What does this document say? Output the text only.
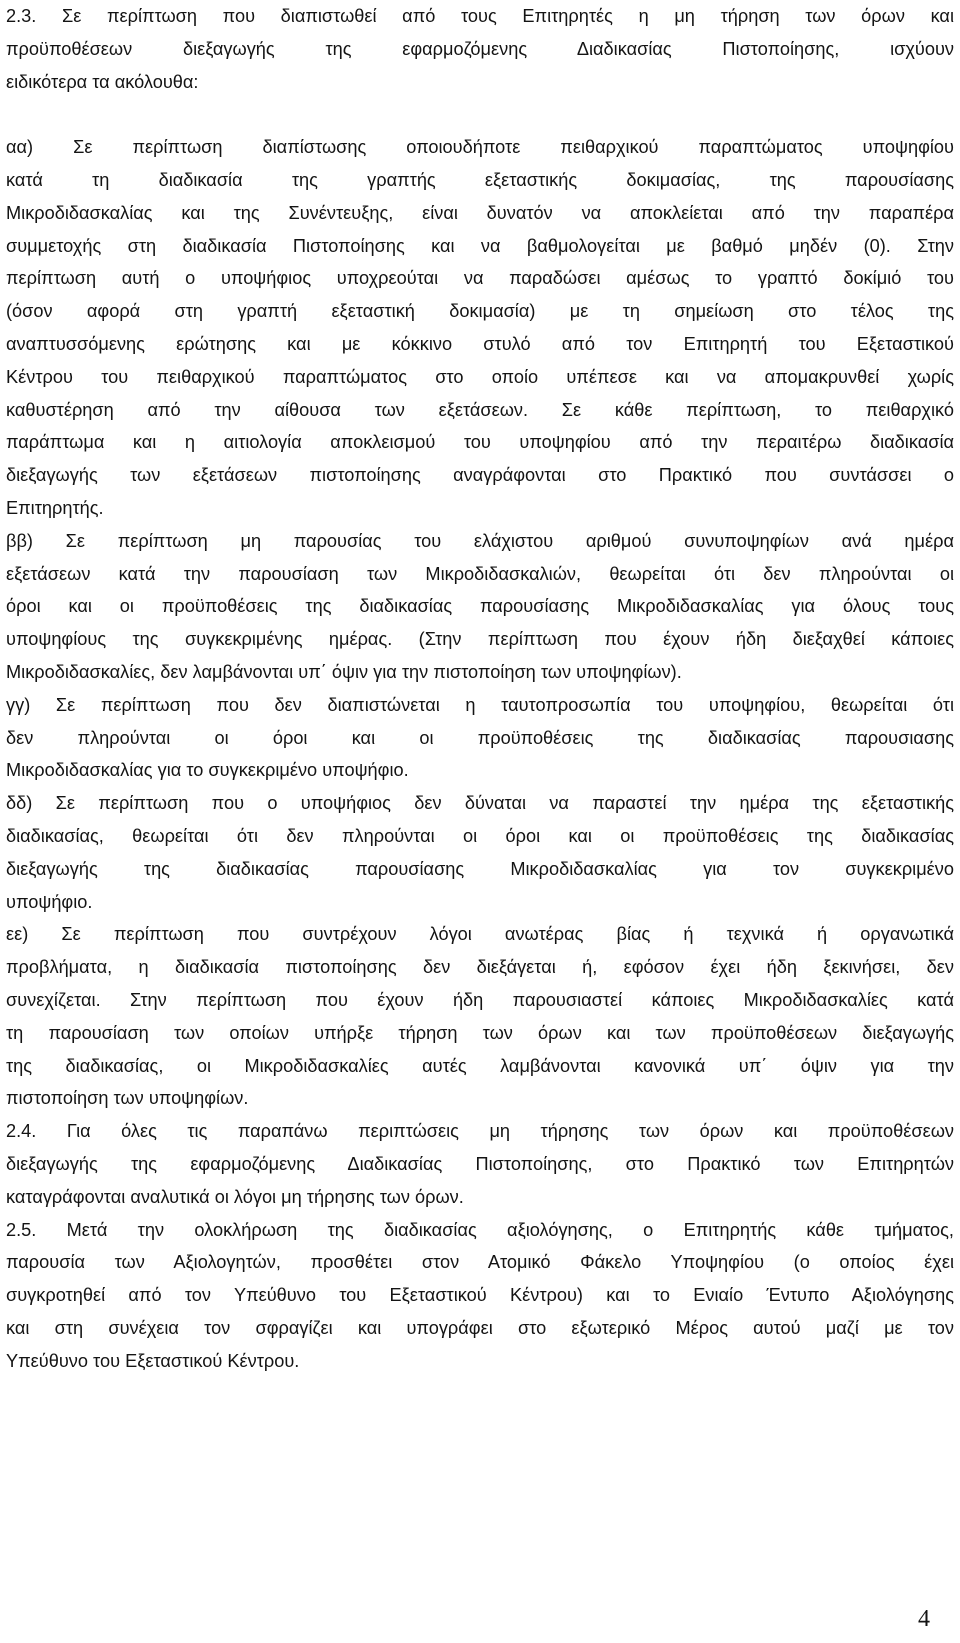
2.3. Σε περίπτωση που διαπιστωθεί από τους Επιτηρητές η μη τήρηση των όρων και
προϋποθέσεων διεξαγωγής της εφαρμοζόμενης Διαδικασίας Πιστοποίησης, ισχύουν
ειδικότερα τα ακόλουθα:
αα) Σε περίπτωση διαπίστωσης οποιουδήποτε πειθαρχικού παραπτώματος υποψηφίου
κατά τη διαδικασία της γραπτής εξεταστικής δοκιμασίας, της παρουσίασης
Μικροδιδασκαλίας και της Συνέντευξης, είναι δυνατόν να αποκλείεται από την παραπέρα
συμμετοχής στη διαδικασία Πιστοποίησης και να βαθμολογείται με βαθμό μηδέν (0). Στην
περίπτωση αυτή ο υποψήφιος υποχρεούται να παραδώσει αμέσως το γραπτό δοκίμιό του
(όσον αφορά στη γραπτή εξεταστική δοκιμασία) με τη σημείωση στο τέλος της
αναπτυσσόμενης ερώτησης και με κόκκινο στυλό από τον Επιτηρητή του Εξεταστικού
Κέντρου του πειθαρχικού παραπτώματος στο οποίο υπέπεσε και να απομακρυνθεί χωρίς
καθυστέρηση από την αίθουσα των εξετάσεων. Σε κάθε περίπτωση, το πειθαρχικό
παράπτωμα και η αιτιολογία αποκλεισμού του υποψηφίου από την περαιτέρω διαδικασία
διεξαγωγής των εξετάσεων πιστοποίησης αναγράφονται στο Πρακτικό που συντάσσει ο
Επιτηρητής.
ββ) Σε περίπτωση μη παρουσίας του ελάχιστου αριθμού συνυποψηφίων ανά ημέρα
εξετάσεων κατά την παρουσίαση των Μικροδιδασκαλιών, θεωρείται ότι δεν πληρούνται οι
όροι και οι προϋποθέσεις της διαδικασίας παρουσίασης Μικροδιδασκαλίας για όλους τους
υποψηφίους της συγκεκριμένης ημέρας. (Στην περίπτωση που έχουν ήδη διεξαχθεί κάποιες
Μικροδιδασκαλίες, δεν λαμβάνονται υπ΄ όψιν για την πιστοποίηση των υποψηφίων).
γγ) Σε περίπτωση που δεν διαπιστώνεται η ταυτοπροσωπία του υποψηφίου, θεωρείται ότι
δεν πληρούνται οι όροι και οι προϋποθέσεις της διαδικασίας παρουσιασης
Μικροδιδασκαλίας για το συγκεκριμένο υποψήφιο.
δδ) Σε περίπτωση που ο υποψήφιος δεν δύναται να παραστεί την ημέρα της εξεταστικής
διαδικασίας, θεωρείται ότι δεν πληρούνται οι όροι και οι προϋποθέσεις της διαδικασίας
διεξαγωγής της διαδικασίας παρουσίασης Μικροδιδασκαλίας για τον συγκεκριμένο
υποψήφιο.
εε) Σε περίπτωση που συντρέχουν λόγοι ανωτέρας βίας ή τεχνικά ή οργανωτικά
προβλήματα, η διαδικασία πιστοποίησης δεν διεξάγεται ή, εφόσον έχει ήδη ξεκινήσει, δεν
συνεχίζεται. Στην περίπτωση που έχουν ήδη παρουσιαστεί κάποιες Μικροδιδασκαλίες κατά
τη παρουσίαση των οποίων υπήρξε τήρηση των όρων και των προϋποθέσεων διεξαγωγής
της διαδικασίας, οι Μικροδιδασκαλίες αυτές λαμβάνονται κανονικά υπ΄ όψιν για την
πιστοποίηση των υποψηφίων.
2.4. Για όλες τις παραπάνω περιπτώσεις μη τήρησης των όρων και προϋποθέσεων
διεξαγωγής της εφαρμοζόμενης Διαδικασίας Πιστοποίησης, στο Πρακτικό των Επιτηρητών
καταγράφονται αναλυτικά οι λόγοι μη τήρησης των όρων.
2.5. Μετά την ολοκλήρωση της διαδικασίας αξιολόγησης, ο Επιτηρητής κάθε τμήματος,
παρουσία των Αξιολογητών, προσθέτει στον Ατομικό Φάκελο Υποψηφίου (ο οποίος έχει
συγκροτηθεί από τον Υπεύθυνο του Εξεταστικού Κέντρου) και το Ενιαίο Έντυπο Αξιολόγησης
και στη συνέχεια τον σφραγίζει και υπογράφει στο εξωτερικό Μέρος αυτού μαζί με τον
Υπεύθυνο του Εξεταστικού Κέντρου.
4
